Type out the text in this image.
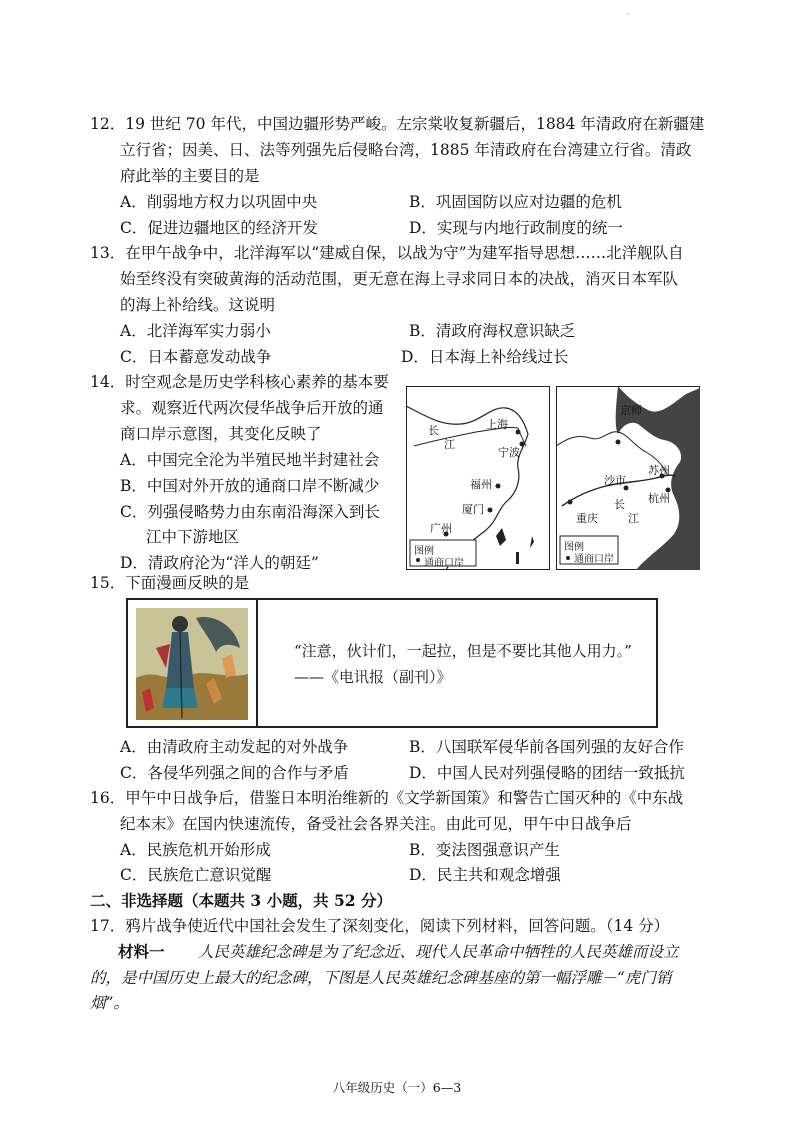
·
12．19 世纪 70 年代，中国边疆形势严峻。左宗棠收复新疆后，1884 年清政府在新疆建
立行省；因美、日、法等列强先后侵略台湾，1885 年清政府在台湾建立行省。清政
府此举的主要目的是
A．削弱地方权力以巩固中央	B．巩固国防以应对边疆的危机
C．促进边疆地区的经济开发	D．实现与内地行政制度的统一
13．在甲午战争中，北洋海军以“建威自保，以战为守”为建军指导思想……北洋舰队自
始至终没有突破黄海的活动范围，更无意在海上寻求同日本的决战，消灭日本军队
的海上补给线。这说明
A．北洋海军实力弱小	B．清政府海权意识缺乏
C．日本蓄意发动战争	D．日本海上补给线过长
14．时空观念是历史学科核心素养的基本要
求。观察近代两次侵华战争后开放的通
商口岸示意图，其变化反映了
A．中国完全沦为半殖民地半封建社会
B．中国对外开放的通商口岸不断减少
C．列强侵略势力由东南沿海深入到长
江中下游地区
D．清政府沦为“洋人的朝廷”
长
江
上海
宁波
福州
厦门
广州
图例
通商口岸
京师
苏州
沙市
长
江
杭州
重庆
图例
通商口岸
15．下面漫画反映的是
“注意，伙计们，一起拉，但是不要比其他人用力。”
——《电讯报（副刊）》
A．由清政府主动发起的对外战争	B．八国联军侵华前各国列强的友好合作
C．各侵华列强之间的合作与矛盾	D．中国人民对列强侵略的团结一致抵抗
16．甲午中日战争后，借鉴日本明治维新的《文学新国策》和警告亡国灭种的《中东战
纪本末》在国内快速流传，备受社会各界关注。由此可见，甲午中日战争后
A．民族危机开始形成	B．变法图强意识产生
C．民族危亡意识觉醒	D．民主共和观念增强
二、非选择题（本题共 3 小题，共 52 分）
17．鸦片战争使近代中国社会发生了深刻变化，阅读下列材料，回答问题。（14 分）
材料一 人民英雄纪念碑是为了纪念近、现代人民革命中牺牲的人民英雄而设立
的，是中国历史上最大的纪念碑，下图是人民英雄纪念碑基座的第一幅浮雕－“虎门销
烟”。
八年级历史（一）6—3
